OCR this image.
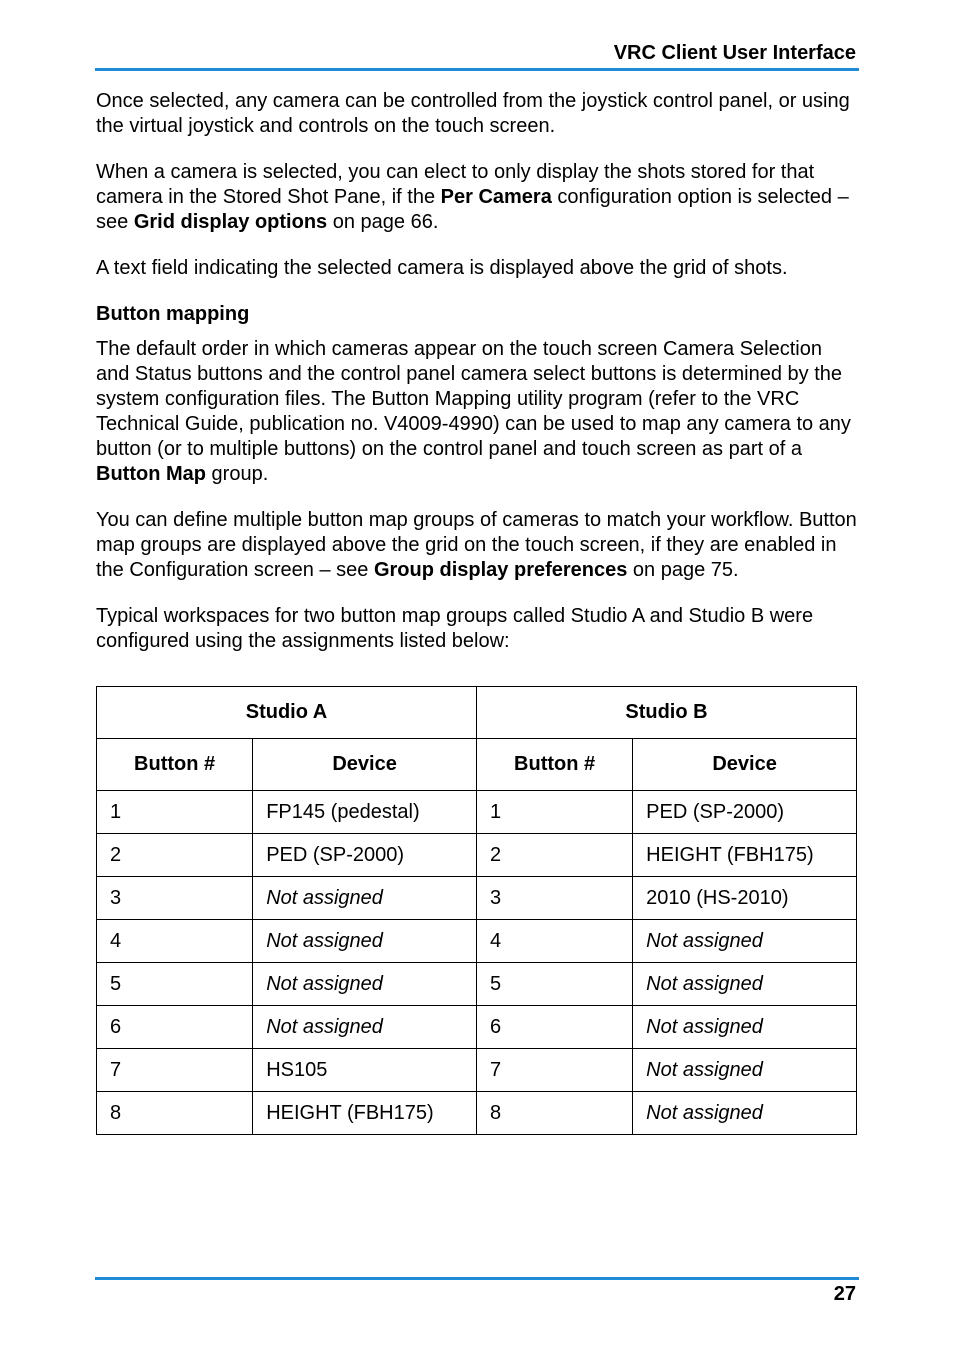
VRC Client User Interface

Once selected, any camera can be controlled from the joystick control panel, or using the virtual joystick and controls on the touch screen.

When a camera is selected, you can elect to only display the shots stored for that camera in the Stored Shot Pane, if the Per Camera configuration option is selected – see Grid display options on page 66.

A text field indicating the selected camera is displayed above the grid of shots.

Button mapping

The default order in which cameras appear on the touch screen Camera Selection and Status buttons and the control panel camera select buttons is determined by the system configuration files. The Button Mapping utility program (refer to the VRC Technical Guide, publication no. V4009-4990) can be used to map any camera to any button (or to multiple buttons) on the control panel and touch screen as part of a Button Map group.

You can define multiple button map groups of cameras to match your workflow. Button map groups are displayed above the grid on the touch screen, if they are enabled in the Configuration screen – see Group display preferences on page 75.

Typical workspaces for two button map groups called Studio A and Studio B were configured using the assignments listed below:

Studio A		Studio B	
Button #	Device	Button #	Device
1	FP145 (pedestal)	1	PED (SP-2000)
2	PED (SP-2000)	2	HEIGHT (FBH175)
3	Not assigned	3	2010 (HS-2010)
4	Not assigned	4	Not assigned
5	Not assigned	5	Not assigned
6	Not assigned	6	Not assigned
7	HS105	7	Not assigned
8	HEIGHT (FBH175)	8	Not assigned
27
